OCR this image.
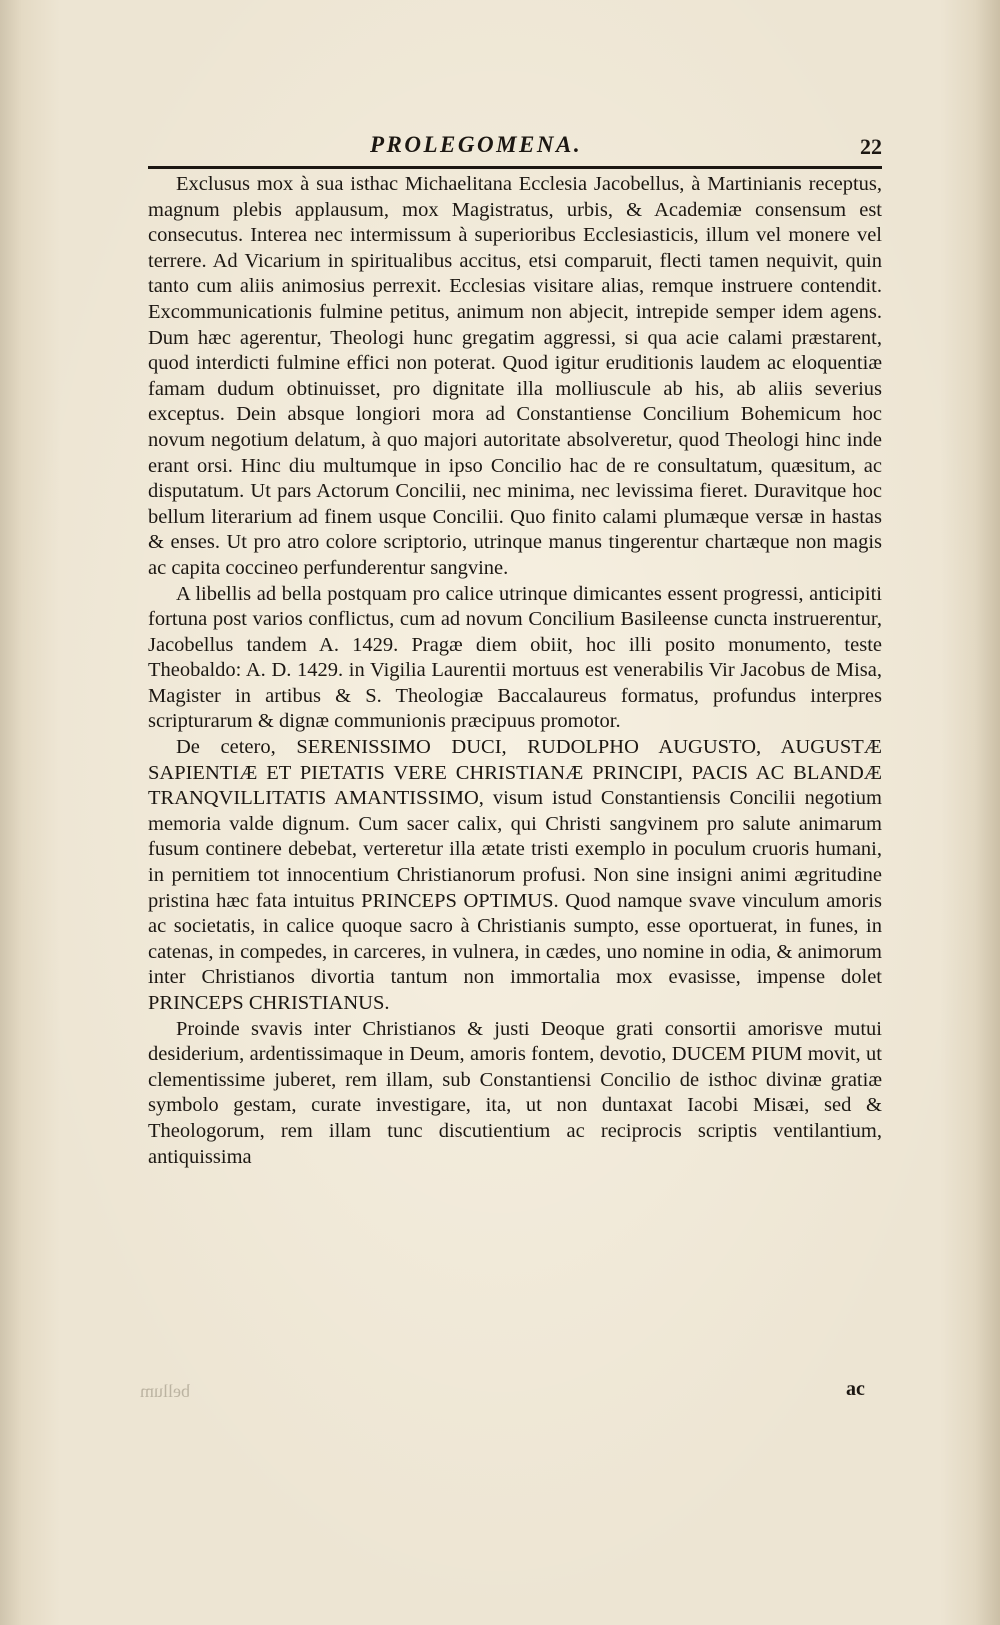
PROLEGOMENA.	22

Exclusus mox à sua isthac Michaelitana Ecclesia Jacobellus, à Martinianis receptus, magnum plebis applausum, mox Magistratus, urbis, & Academiæ consensum est consecutus. Interea nec intermissum à superioribus Ecclesiasticis, illum vel monere vel terrere. Ad Vicarium in spiritualibus accitus, etsi comparuit, flecti tamen nequivit, quin tanto cum aliis animosius perrexit. Ecclesias visitare alias, remque instruere contendit. Excommunicationis fulmine petitus, animum non abjecit, intrepide semper idem agens. Dum hæc agerentur, Theologi hunc gregatim aggressi, si qua acie calami præstarent, quod interdicti fulmine effici non poterat. Quod igitur eruditionis laudem ac eloquentiæ famam dudum obtinuisset, pro dignitate illa molliuscule ab his, ab aliis severius exceptus. Dein absque longiori mora ad Constantiense Concilium Bohemicum hoc novum negotium delatum, à quo majori autoritate absolveretur, quod Theologi hinc inde erant orsi. Hinc diu multumque in ipso Concilio hac de re consultatum, quæsitum, ac disputatum. Ut pars Actorum Concilii, nec minima, nec levissima fieret. Duravitque hoc bellum literarium ad finem usque Concilii. Quo finito calami plumæque versæ in hastas & enses. Ut pro atro colore scriptorio, utrinque manus tingerentur chartæque non magis ac capita coccineo perfunderentur sangvine.

A libellis ad bella postquam pro calice utrinque dimicantes essent progressi, anticipiti fortuna post varios conflictus, cum ad novum Concilium Basileense cuncta instruerentur, Jacobellus tandem A. 1429. Pragæ diem obiit, hoc illi posito monumento, teste Theobaldo: A. D. 1429. in Vigilia Laurentii mortuus est venerabilis Vir Jacobus de Misa, Magister in artibus & S. Theologiæ Baccalaureus formatus, profundus interpres scripturarum & dignæ communionis præcipuus promotor.

De cetero, SERENISSIMO DUCI, RUDOLPHO AUGUSTO, AUGUSTÆ SAPIENTIÆ ET PIETATIS VERE CHRISTIANÆ PRINCIPI, PACIS AC BLANDÆ TRANQVILLITATIS AMANTISSIMO, visum istud Constantiensis Concilii negotium memoria valde dignum. Cum sacer calix, qui Christi sangvinem pro salute animarum fusum continere debebat, verteretur illa ætate tristi exemplo in poculum cruoris humani, in pernitiem tot innocentium Christianorum profusi. Non sine insigni animi ægritudine pristina hæc fata intuitus PRINCEPS OPTIMUS. Quod namque svave vinculum amoris ac societatis, in calice quoque sacro à Christianis sumpto, esse oportuerat, in funes, in catenas, in compedes, in carceres, in vulnera, in cædes, uno nomine in odia, & animorum inter Christianos divortia tantum non immortalia mox evasisse, impense dolet PRINCEPS CHRISTIANUS.

Proinde svavis inter Christianos & justi Deoque grati consortii amorisve mutui desiderium, ardentissimaque in Deum, amoris fontem, devotio, DUCEM PIUM movit, ut clementissime juberet, rem illam, sub Constantiensi Concilio de isthoc divinæ gratiæ symbolo gestam, curate investigare, ita, ut non duntaxat Iacobi Misæi, sed & Theologorum, rem illam tunc discutientium ac reciprocis scriptis ventilantium, antiquissima

bellum	ac
